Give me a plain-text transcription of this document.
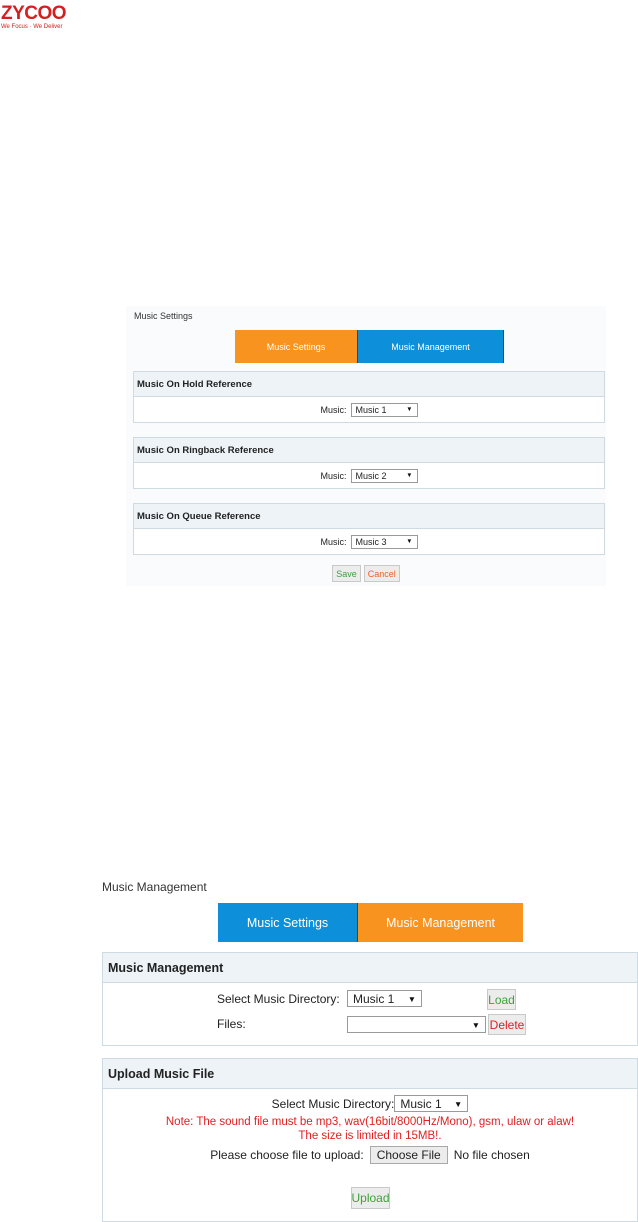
ZYCOO
We Focus · We Deliver
Music Settings
Music Settings	Music Management
Music On Hold Reference
Music: Music 1	▼
Music On Ringback Reference
Music: Music 2	▼
Music On Queue Reference
Music: Music 3	▼
Save	Cancel
Music Management
Music Settings	Music Management
Music Management
Select Music Directory: Music 1 ▼	Load
Files:	▼ Delete
Upload Music File
Select Music Directory: Music 1 ▼
Note: The sound file must be mp3, wav(16bit/8000Hz/Mono), gsm, ulaw or alaw!
The size is limited in 15MB!.
Please choose file to upload:	Choose File	No file chosen
Upload
